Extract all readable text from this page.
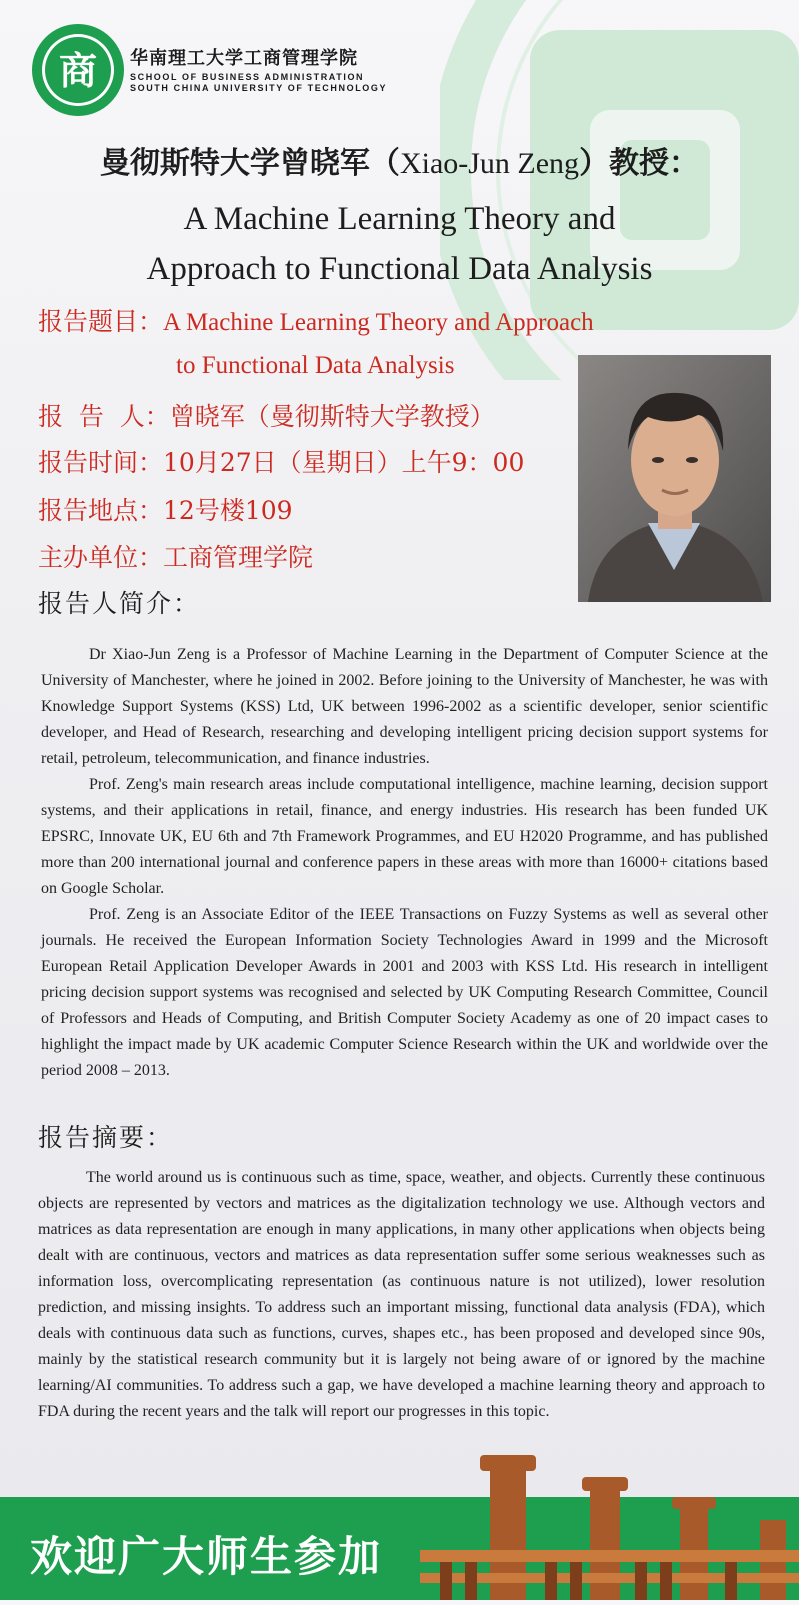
商 华南理工大学工商管理学院
SCHOOL OF BUSINESS ADMINISTRATION
SOUTH CHINA UNIVERSITY OF TECHNOLOGY
曼彻斯特大学曾晓军（Xiao-Jun Zeng）教授：
A Machine Learning Theory and
Approach to Functional Data Analysis
报告题目：A Machine Learning Theory and Approach
to Functional Data Analysis
报  告  人：曾晓军（曼彻斯特大学教授）
报告时间：10月27日（星期日）上午9：00
报告地点：12号楼109
主办单位：工商管理学院
报告人简介：

Dr Xiao-Jun Zeng is a Professor of Machine Learning in the Department of Computer Science at the University of Manchester, where he joined in 2002. Before joining to the University of Manchester, he was with Knowledge Support Systems (KSS) Ltd, UK between 1996-2002 as a scientific developer, senior scientific developer, and Head of Research, researching and developing intelligent pricing decision support systems for retail, petroleum, telecommunication, and finance industries.

Prof. Zeng's main research areas include computational intelligence, machine learning, decision support systems, and their applications in retail, finance, and energy industries. His research has been funded UK EPSRC, Innovate UK, EU 6th and 7th Framework Programmes, and EU H2020 Programme, and has published more than 200 international journal and conference papers in these areas with more than 16000+ citations based on Google Scholar.

Prof. Zeng is an Associate Editor of the IEEE Transactions on Fuzzy Systems as well as several other journals. He received the European Information Society Technologies Award in 1999 and the Microsoft European Retail Application Developer Awards in 2001 and 2003 with KSS Ltd. His research in intelligent pricing decision support systems was recognised and selected by UK Computing Research Committee, Council of Professors and Heads of Computing, and British Computer Society Academy as one of 20 impact cases to highlight the impact made by UK academic Computer Science Research within the UK and worldwide over the period 2008 – 2013.

报告摘要：

The world around us is continuous such as time, space, weather, and objects. Currently these continuous objects are represented by vectors and matrices as the digitalization technology we use. Although vectors and matrices as data representation are enough in many applications, in many other applications when objects being dealt with are continuous, vectors and matrices as data representation suffer some serious weaknesses such as information loss, overcomplicating representation (as continuous nature is not utilized), lower resolution prediction, and missing insights. To address such an important missing, functional data analysis (FDA), which deals with continuous data such as functions, curves, shapes etc., has been proposed and developed since 90s, mainly by the statistical research community but it is largely not being aware of or ignored by the machine learning/AI communities. To address such a gap, we have developed a machine learning theory and approach to FDA during the recent years and the talk will report our progresses in this topic.

欢迎广大师生参加
